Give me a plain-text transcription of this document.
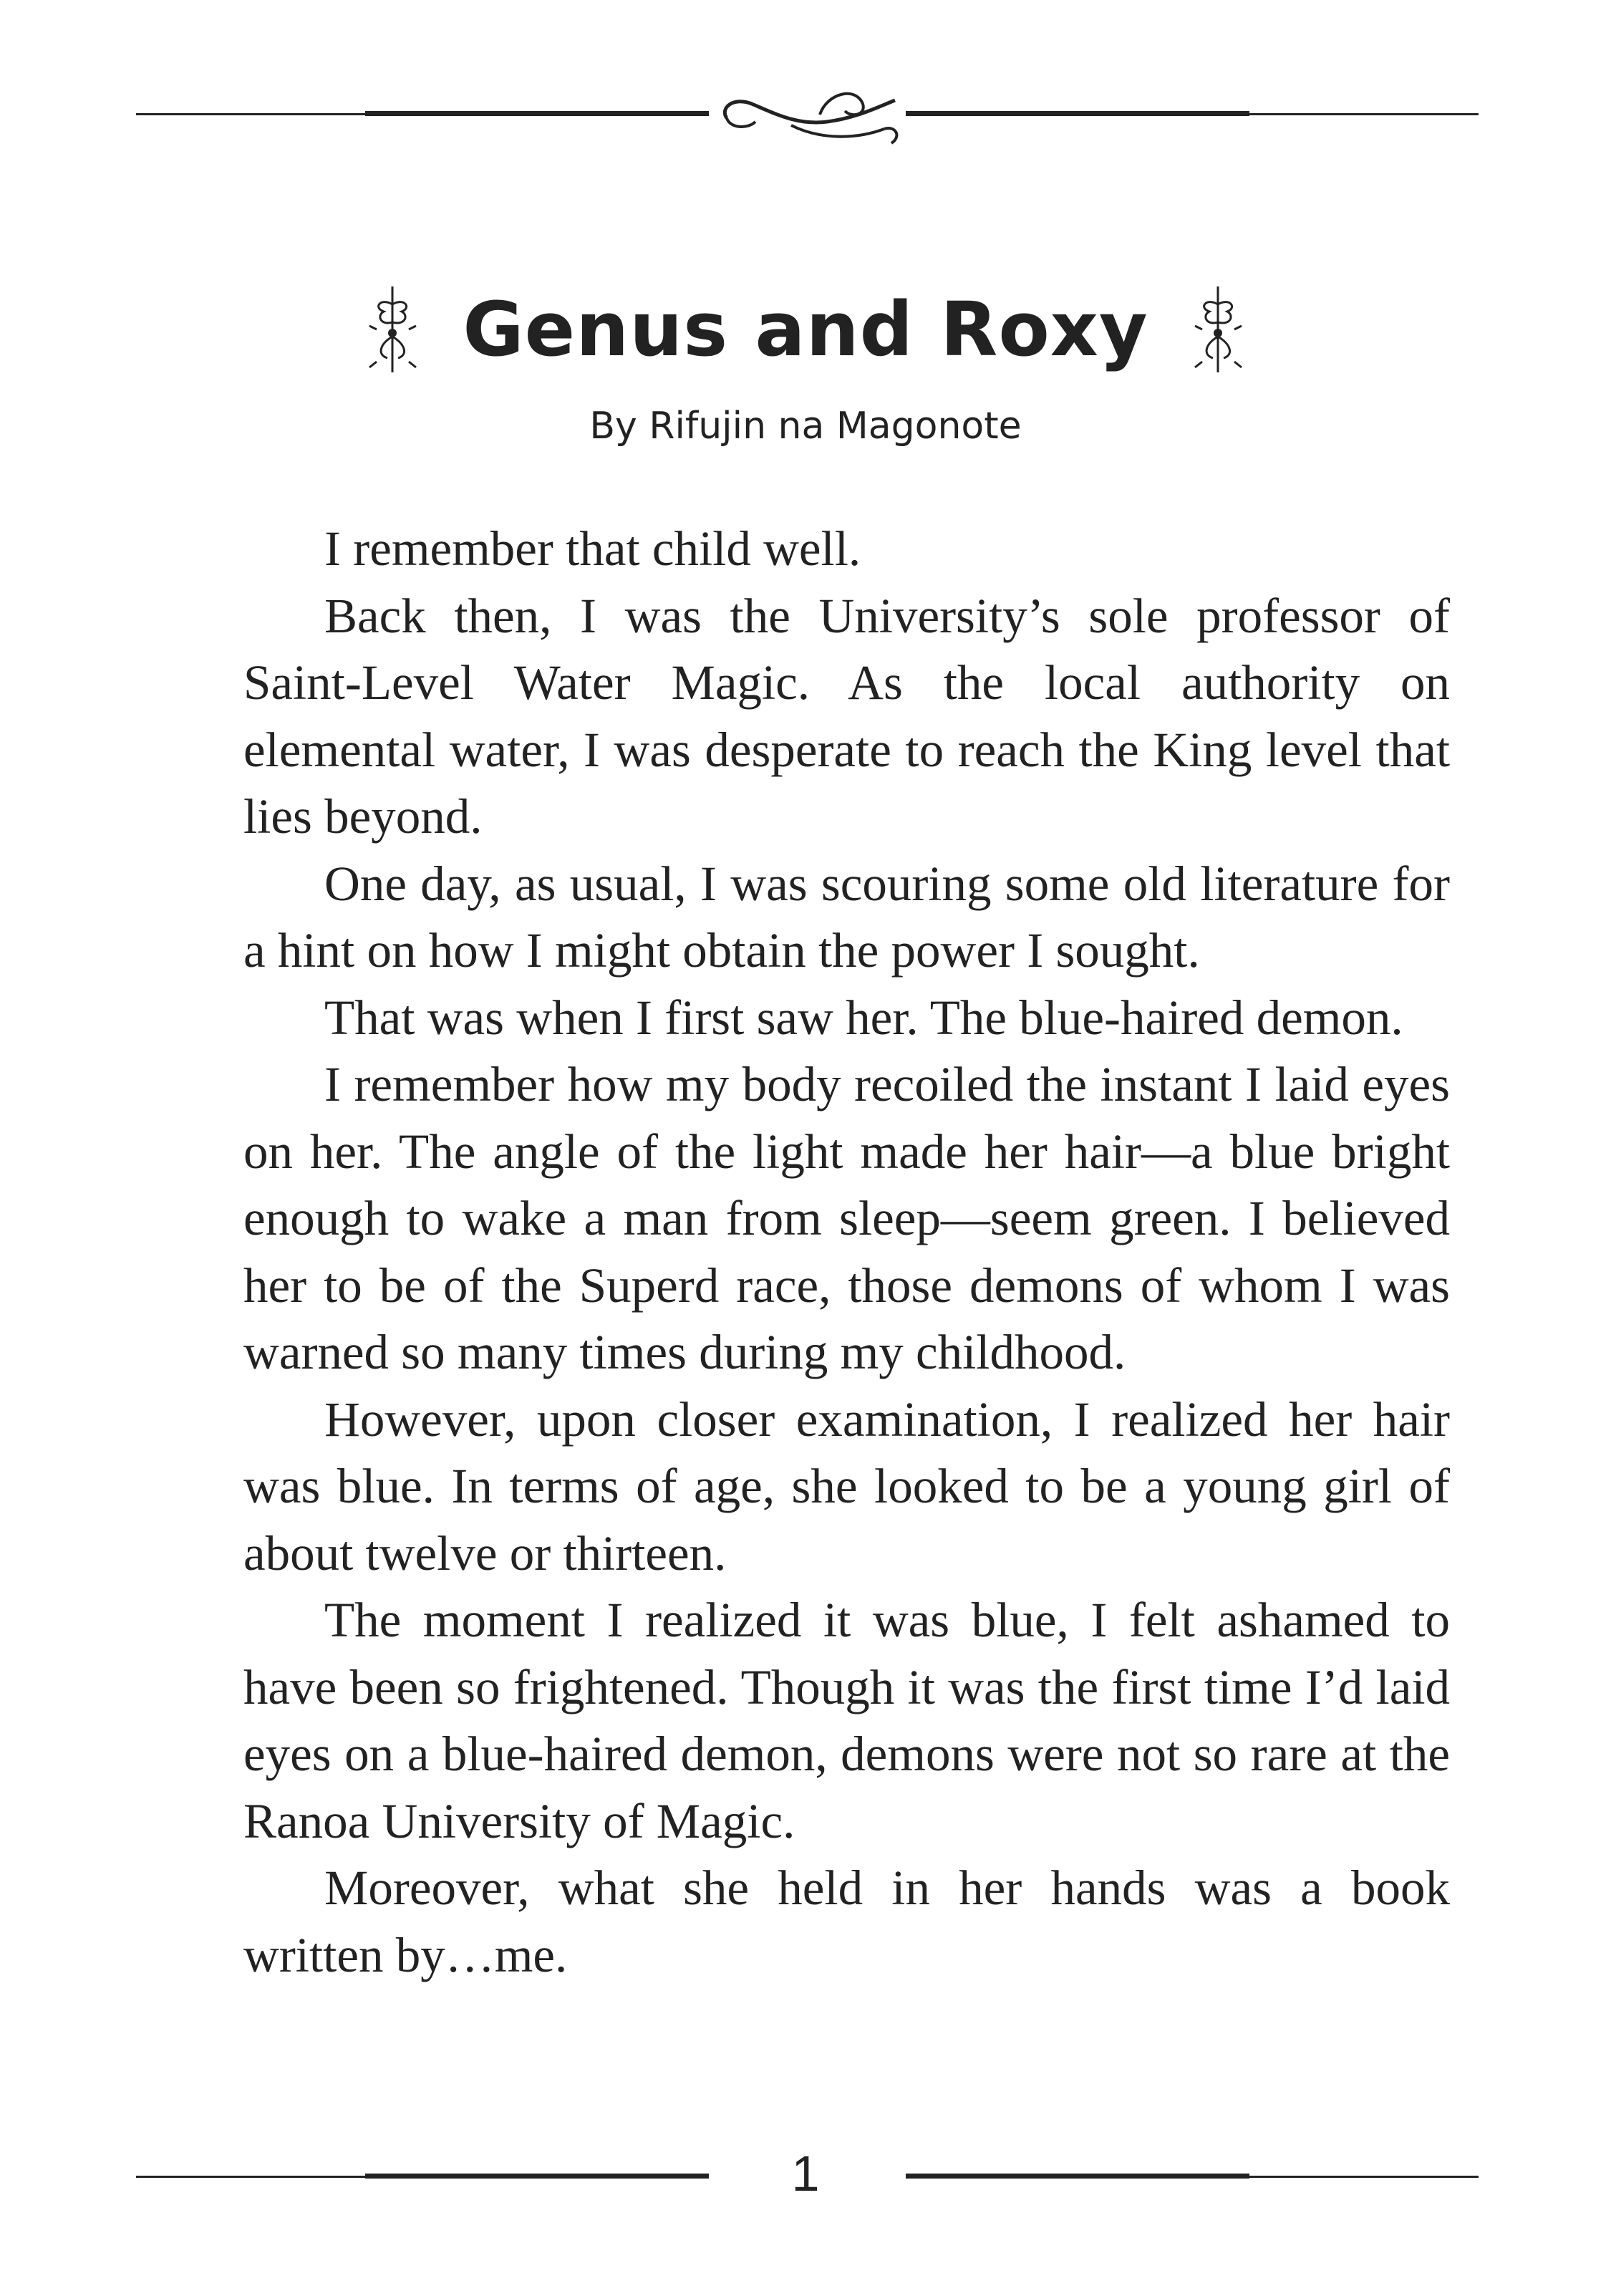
Genus and Roxy
By Rifujin na Magonote

I remember that child well.

Back then, I was the University’s sole professor of Saint-Level Water Magic. As the local authority on elemental water, I was desperate to reach the King level that lies beyond.

One day, as usual, I was scouring some old literature for a hint on how I might obtain the power I sought.

That was when I first saw her. The blue-haired demon.

I remember how my body recoiled the instant I laid eyes on her. The angle of the light made her hair—a blue bright enough to wake a man from sleep—seem green. I believed her to be of the Superd race, those demons of whom I was warned so many times during my childhood.

However, upon closer examination, I realized her hair was blue. In terms of age, she looked to be a young girl of about twelve or thirteen.

The moment I realized it was blue, I felt ashamed to have been so frightened. Though it was the first time I’d laid eyes on a blue-haired demon, demons were not so rare at the Ranoa University of Magic.

Moreover, what she held in her hands was a book written by…me.

1
